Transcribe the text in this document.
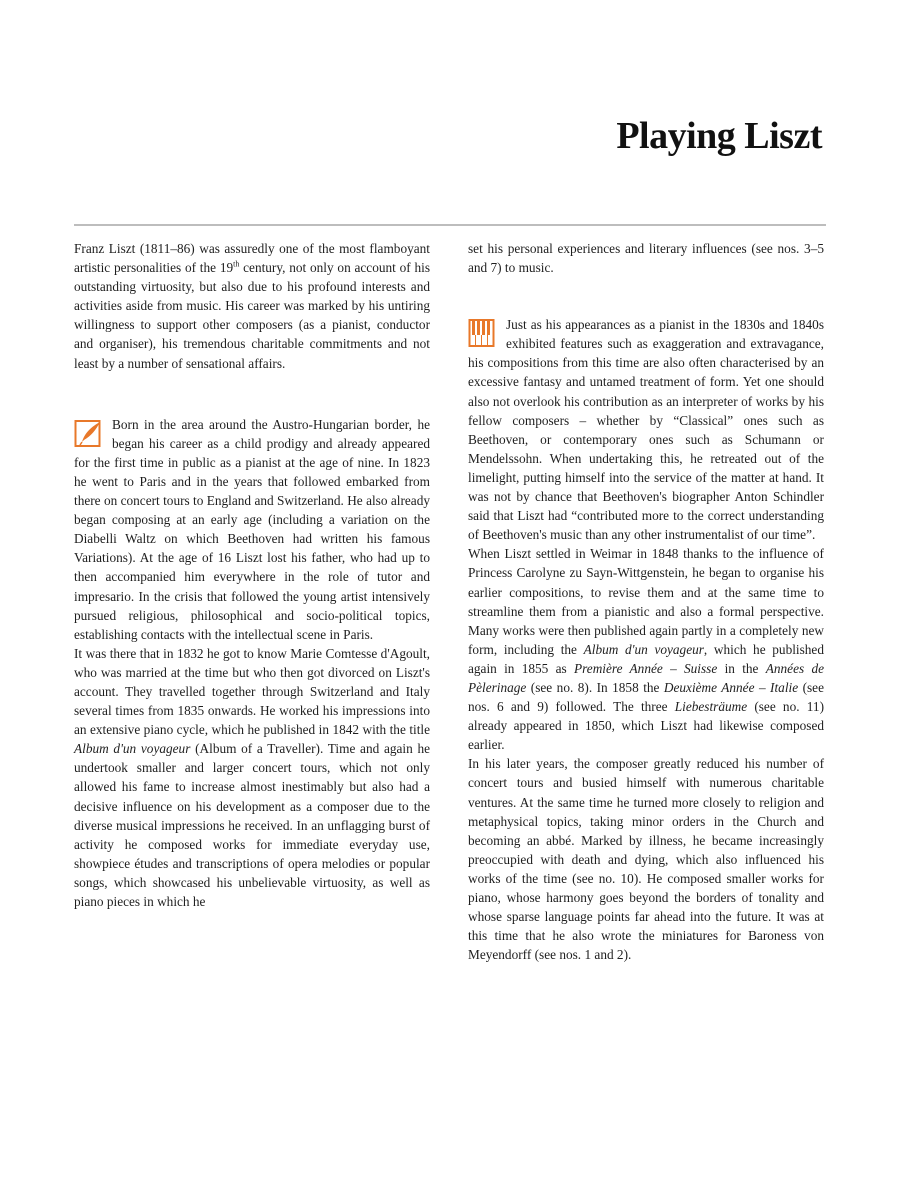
Playing Liszt

Franz Liszt (1811–86) was assuredly one of the most flamboyant artistic personalities of the 19th century, not only on account of his outstanding virtuosity, but also due to his profound interests and activities aside from music. His career was marked by his untiring willingness to support other composers (as a pianist, conductor and organiser), his tremendous charitable commitments and not least by a number of sensational affairs.

Born in the area around the Austro-Hungarian border, he began his career as a child prodigy and already appeared for the first time in public as a pianist at the age of nine. In 1823 he went to Paris and in the years that followed embarked from there on concert tours to England and Switzerland. He also already began composing at an early age (including a variation on the Diabelli Waltz on which Beethoven had written his famous Variations). At the age of 16 Liszt lost his father, who had up to then accompanied him everywhere in the role of tutor and impresario. In the crisis that followed the young artist intensively pursued religious, philosophical and socio-political topics, establishing contacts with the intellectual scene in Paris.

It was there that in 1832 he got to know Marie Comtesse d'Agoult, who was married at the time but who then got divorced on Liszt's account. They travelled together through Switzerland and Italy several times from 1835 onwards. He worked his impressions into an extensive piano cycle, which he published in 1842 with the title Album d'un voyageur (Album of a Traveller). Time and again he undertook smaller and larger concert tours, which not only allowed his fame to increase almost inestimably but also had a decisive influence on his development as a composer due to the diverse musical impressions he received. In an unflagging burst of activity he composed works for immediate everyday use, showpiece études and transcriptions of opera melodies or popular songs, which showcased his unbelievable virtuosity, as well as piano pieces in which he

set his personal experiences and literary influences (see nos. 3–5 and 7) to music.

Just as his appearances as a pianist in the 1830s and 1840s exhibited features such as exaggeration and extravagance, his compositions from this time are also often characterised by an excessive fantasy and untamed treatment of form. Yet one should also not overlook his contribution as an interpreter of works by his fellow composers – whether by “Classical” ones such as Beethoven, or contemporary ones such as Schumann or Mendelssohn. When undertaking this, he retreated out of the limelight, putting himself into the service of the matter at hand. It was not by chance that Beethoven's biographer Anton Schindler said that Liszt had “contributed more to the correct understanding of Beethoven's music than any other instrumentalist of our time”.

When Liszt settled in Weimar in 1848 thanks to the influence of Princess Carolyne zu Sayn-Wittgenstein, he began to organise his earlier compositions, to revise them and at the same time to streamline them from a pianistic and also a formal perspective. Many works were then published again partly in a completely new form, including the Album d'un voyageur, which he published again in 1855 as Première Année – Suisse in the Années de Pèlerinage (see no. 8). In 1858 the Deuxième Année – Italie (see nos. 6 and 9) followed. The three Liebesträume (see no. 11) already appeared in 1850, which Liszt had likewise composed earlier.

In his later years, the composer greatly reduced his number of concert tours and busied himself with numerous charitable ventures. At the same time he turned more closely to religion and metaphysical topics, taking minor orders in the Church and becoming an abbé. Marked by illness, he became increasingly preoccupied with death and dying, which also influenced his works of the time (see no. 10). He composed smaller works for piano, whose harmony goes beyond the borders of tonality and whose sparse language points far ahead into the future. It was at this time that he also wrote the miniatures for Baroness von Meyendorff (see nos. 1 and 2).
